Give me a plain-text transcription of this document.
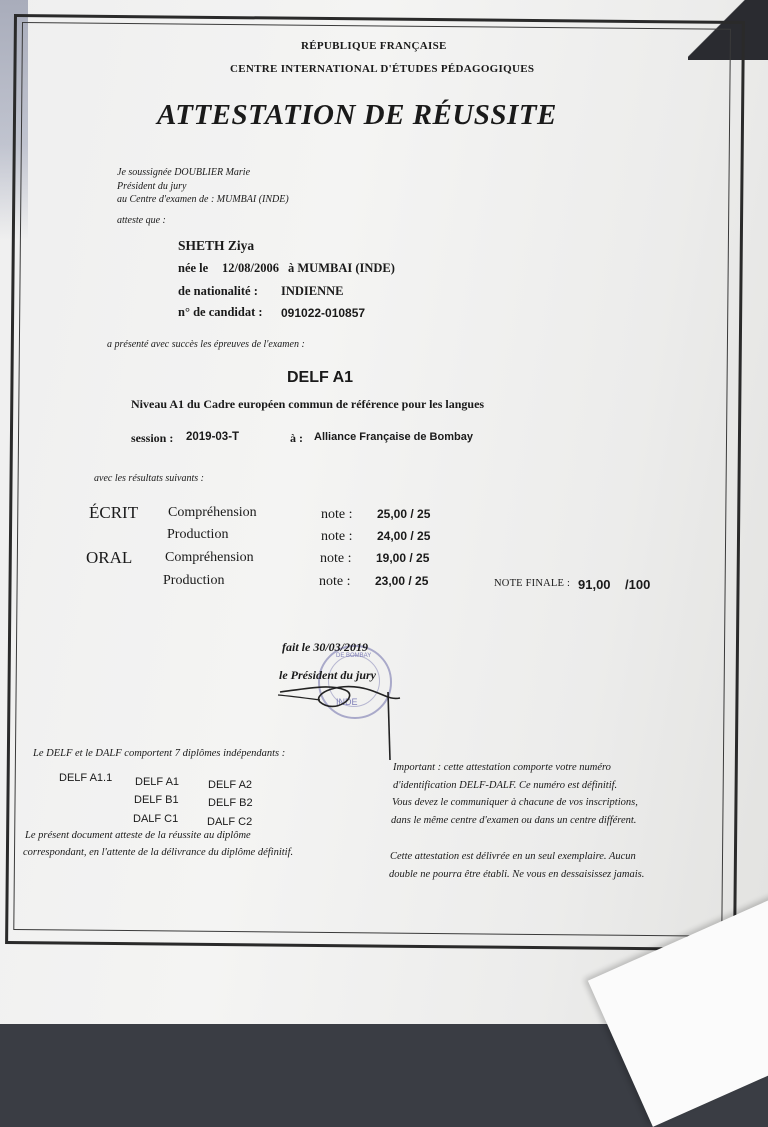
RÉPUBLIQUE FRANÇAISE
CENTRE INTERNATIONAL D'ÉTUDES PÉDAGOGIQUES
ATTESTATION DE RÉUSSITE
Je soussignée DOUBLIER Marie
Président du jury
au Centre d'examen de : MUMBAI (INDE)
atteste que :
SHETH Ziya
née le 12/08/2006 à MUMBAI (INDE)
de nationalité : INDIENNE
n° de candidat : 091022-010857
a présenté avec succès les épreuves de l'examen :
DELF A1
Niveau A1 du Cadre européen commun de référence pour les langues
session : 2019-03-T	à : Alliance Française de Bombay
avec les résultats suivants :
ÉCRIT Compréhension	note : 25,00 / 25
Production	note : 24,00 / 25
ORAL Compréhension	note : 19,00 / 25
Production	note : 23,00 / 25	NOTE FINALE : 91,00 /100
DE BOMBAY
INDE
fait le 30/03/2019
le Président du jury
Le DELF et le DALF comportent 7 diplômes indépendants :
DELF A1.1 DELF A1	DELF A2
DELF B1	DELF B2
DALF C1	DALF C2
Le présent document atteste de la réussite au diplôme
correspondant, en l'attente de la délivrance du diplôme définitif.
Important : cette attestation comporte votre numéro
d'identification DELF-DALF. Ce numéro est définitif.
Vous devez le communiquer à chacune de vos inscriptions,
dans le même centre d'examen ou dans un centre différent.
Cette attestation est délivrée en un seul exemplaire. Aucun
double ne pourra être établi. Ne vous en dessaisissez jamais.
